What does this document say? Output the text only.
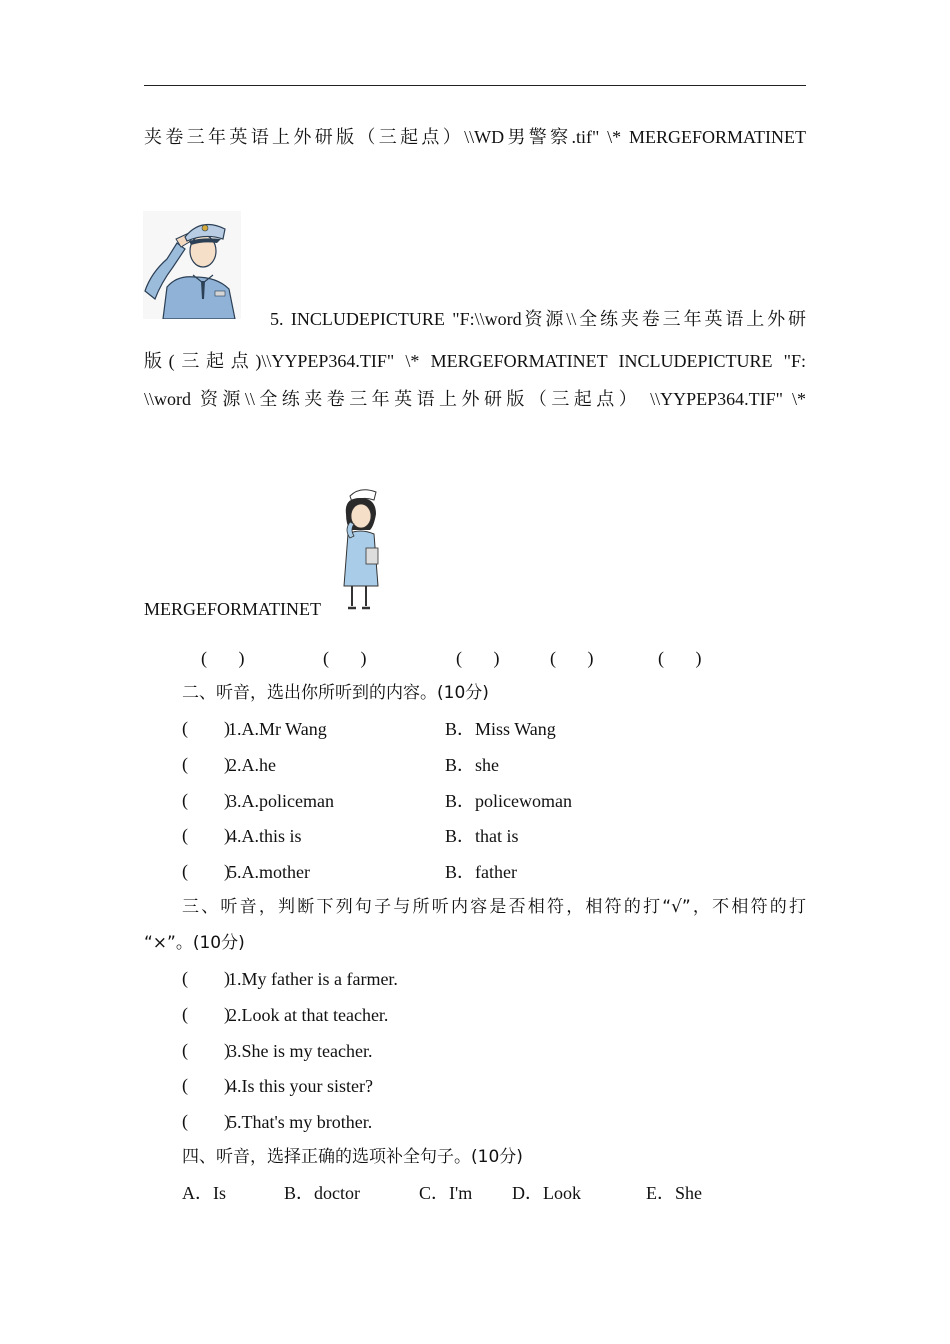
夹卷三年英语上外研版（三起点）\\WD男警察.tif" \* MERGEFORMATINET
5. INCLUDEPICTURE "F:\\word资源\\全练夹卷三年英语上外研
版(三起点)\\YYPEP364.TIF" \* MERGEFORMATINET INCLUDEPICTURE "F:
\\word 资源\\全练夹卷三年英语上外研版（三起点） \\YYPEP364.TIF" \*
MERGEFORMATINET
(       )	(       )	(       )	(       )	(       )
二、听音，选出你所听到的内容。(10分)
(        )
1.A.Mr Wang	B．Miss Wang
(        )
2.A.he	B．she
(        )
3.A.policeman	B．policewoman
(        )
4.A.this is	B．that is
(        )
5.A.mother	B．father
三、听音，判断下列句子与所听内容是否相符，相符的打“√”，不相符的打
“×”。(10分)
(        )
1.My father is a farmer.
(        )
2.Look at that teacher.
(        )
3.She is my teacher.
(        )
4.Is this your sister?
(        )
5.That's my brother.
四、听音，选择正确的选项补全句子。(10分)
A．Is	B．doctor	C．I'm D．Look	E．She
